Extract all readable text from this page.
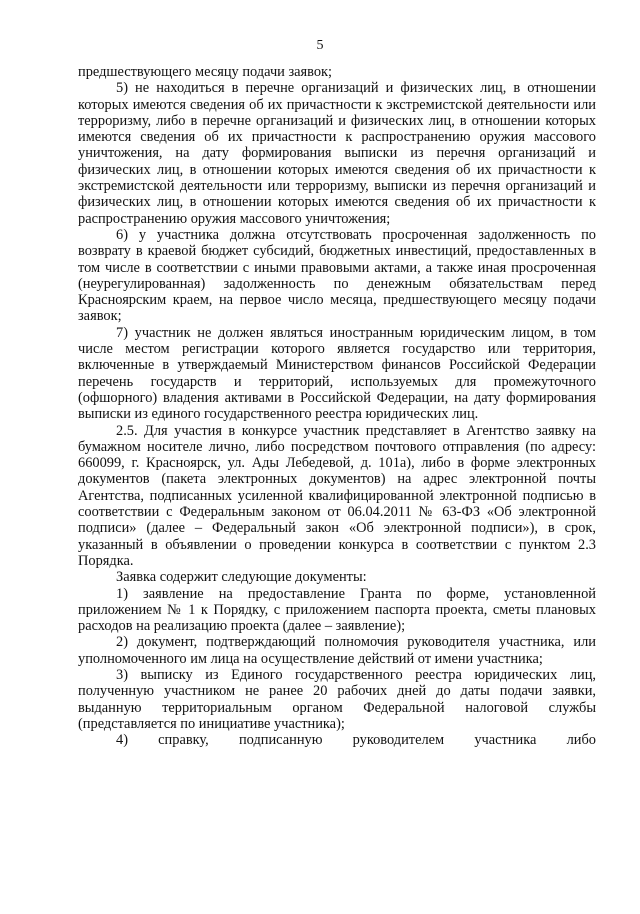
5

предшествующего месяцу подачи заявок;

5) не находиться в перечне организаций и физических лиц, в отношении которых имеются сведения об их причастности к экстремистской деятельности или терроризму, либо в перечне организаций и физических лиц, в отношении которых имеются сведения об их причастности к распространению оружия массового уничтожения, на дату формирования выписки из перечня организаций и физических лиц, в отношении которых имеются сведения об их причастности к экстремистской деятельности или терроризму, выписки из перечня организаций и физических лиц, в отношении которых имеются сведения об их причастности к распространению оружия массового уничтожения;

6) у участника должна отсутствовать просроченная задолженность по возврату в краевой бюджет субсидий, бюджетных инвестиций, предоставленных в том числе в соответствии с иными правовыми актами, а также иная просроченная (неурегулированная) задолженность по денежным обязательствам перед Красноярским краем, на первое число месяца, предшествующего месяцу подачи заявок;

7) участник не должен являться иностранным юридическим лицом, в том числе местом регистрации которого является государство или территория, включенные в утверждаемый Министерством финансов Российской Федерации перечень государств и территорий, используемых для промежуточного (офшорного) владения активами в Российской Федерации, на дату формирования выписки из единого государственного реестра юридических лиц.

2.5. Для участия в конкурсе участник представляет в Агентство заявку на бумажном носителе лично, либо посредством почтового отправления (по адресу: 660099, г. Красноярск, ул. Ады Лебедевой, д. 101а), либо в форме электронных документов (пакета электронных документов) на адрес электронной почты Агентства, подписанных усиленной квалифицированной электронной подписью в соответствии с Федеральным законом от 06.04.2011 № 63-ФЗ «Об электронной подписи» (далее – Федеральный закон «Об электронной подписи»), в срок, указанный в объявлении о проведении конкурса в соответствии с пунктом 2.3 Порядка.

Заявка содержит следующие документы:

1) заявление на предоставление Гранта по форме, установленной приложением № 1 к Порядку, с приложением паспорта проекта, сметы плановых расходов на реализацию проекта (далее – заявление);

2) документ, подтверждающий полномочия руководителя участника, или уполномоченного им лица на осуществление действий от имени участника;

3) выписку из Единого государственного реестра юридических лиц, полученную участником не ранее 20 рабочих дней до даты подачи заявки, выданную территориальным органом Федеральной налоговой службы (представляется по инициативе участника);

4) справку, подписанную руководителем участника либо
